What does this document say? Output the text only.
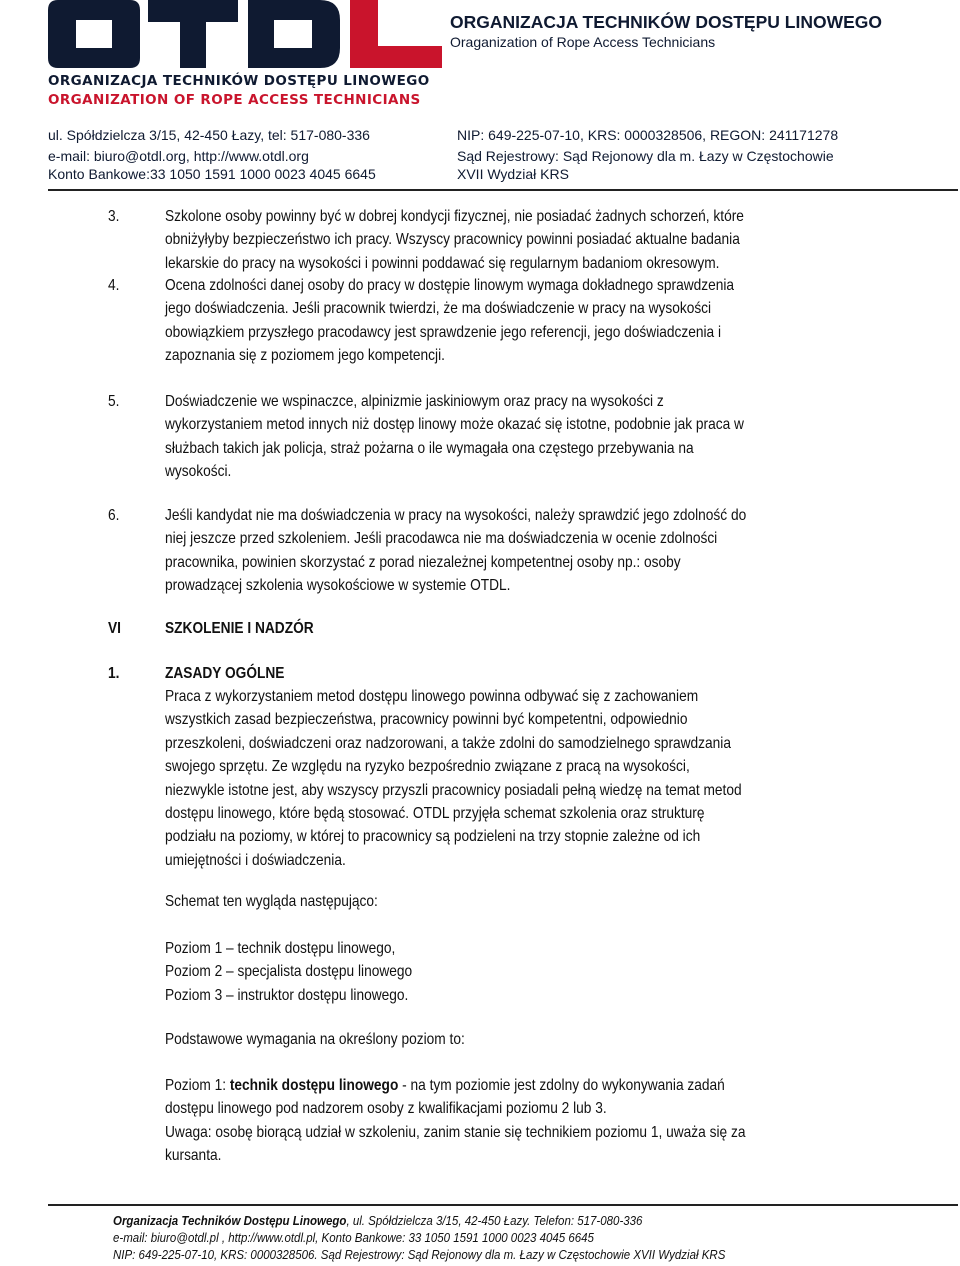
ORGANIZACJA TECHNIKÓW DOSTĘPU LINOWEGO
ORGANIZATION OF ROPE ACCESS TECHNICIANS
ORGANIZACJA TECHNIKÓW DOSTĘPU LINOWEGO
Oraganization of Rope Access Technicians
ul. Spółdzielcza 3/15, 42-450 Łazy, tel: 517-080-336
e-mail: biuro@otdl.org, http://www.otdl.org
Konto Bankowe:33 1050 1591 1000 0023 4045 6645
NIP: 649-225-07-10, KRS: 0000328506, REGON: 241171278
Sąd Rejestrowy: Sąd Rejonowy dla m. Łazy w Częstochowie
XVII Wydział KRS
3.	Szkolone osoby powinny być w dobrej kondycji fizycznej, nie posiadać żadnych schorzeń, które
obniżyłyby bezpieczeństwo ich pracy. Wszyscy pracownicy powinni posiadać aktualne badania
lekarskie do pracy na wysokości i powinni poddawać się regularnym badaniom okresowym.
4.	Ocena zdolności danej osoby do pracy w dostępie linowym wymaga dokładnego sprawdzenia
jego doświadczenia. Jeśli pracownik twierdzi, że ma doświadczenie w pracy na wysokości
obowiązkiem przyszłego pracodawcy jest sprawdzenie jego referencji, jego doświadczenia i
zapoznania się z poziomem jego kompetencji.
5.	Doświadczenie we wspinaczce, alpinizmie jaskiniowym oraz pracy na wysokości z
wykorzystaniem metod innych niż dostęp linowy może okazać się istotne, podobnie jak praca w
służbach takich jak policja, straż pożarna o ile wymagała ona częstego przebywania na
wysokości.
6.	Jeśli kandydat nie ma doświadczenia w pracy na wysokości, należy sprawdzić jego zdolność do
niej jeszcze przed szkoleniem. Jeśli pracodawca nie ma doświadczenia w ocenie zdolności
pracownika, powinien skorzystać z porad niezależnej kompetentnej osoby np.: osoby
prowadzącej szkolenia wysokościowe w systemie OTDL.
VI	SZKOLENIE I NADZÓR
1.	ZASADY OGÓLNE
Praca z wykorzystaniem metod dostępu linowego powinna odbywać się z zachowaniem
wszystkich zasad bezpieczeństwa, pracownicy powinni być kompetentni, odpowiednio
przeszkoleni, doświadczeni oraz nadzorowani, a także zdolni do samodzielnego sprawdzania
swojego sprzętu. Ze względu na ryzyko bezpośrednio związane z pracą na wysokości,
niezwykle istotne jest, aby wszyscy przyszli pracownicy posiadali pełną wiedzę na temat metod
dostępu linowego, które będą stosować. OTDL przyjęła schemat szkolenia oraz strukturę
podziału na poziomy, w której to pracownicy są podzieleni na trzy stopnie zależne od ich
umiejętności i doświadczenia.
Schemat ten wygląda następująco:
Poziom 1 – technik dostępu linowego,
Poziom 2 – specjalista dostępu linowego
Poziom 3 – instruktor dostępu linowego.
Podstawowe wymagania na określony poziom to:
Poziom 1: technik dostępu linowego - na tym poziomie jest zdolny do wykonywania zadań
dostępu linowego pod nadzorem osoby z kwalifikacjami poziomu 2 lub 3.
Uwaga: osobę biorącą udział w szkoleniu, zanim stanie się technikiem poziomu 1, uważa się za
kursanta.
Organizacja Techników Dostępu Linowego, ul. Spółdzielcza 3/15, 42-450 Łazy. Telefon: 517-080-336
e-mail: biuro@otdl.pl , http://www.otdl.pl, Konto Bankowe: 33 1050 1591 1000 0023 4045 6645
NIP: 649-225-07-10, KRS: 0000328506. Sąd Rejestrowy: Sąd Rejonowy dla m. Łazy w Częstochowie XVII Wydział KRS
